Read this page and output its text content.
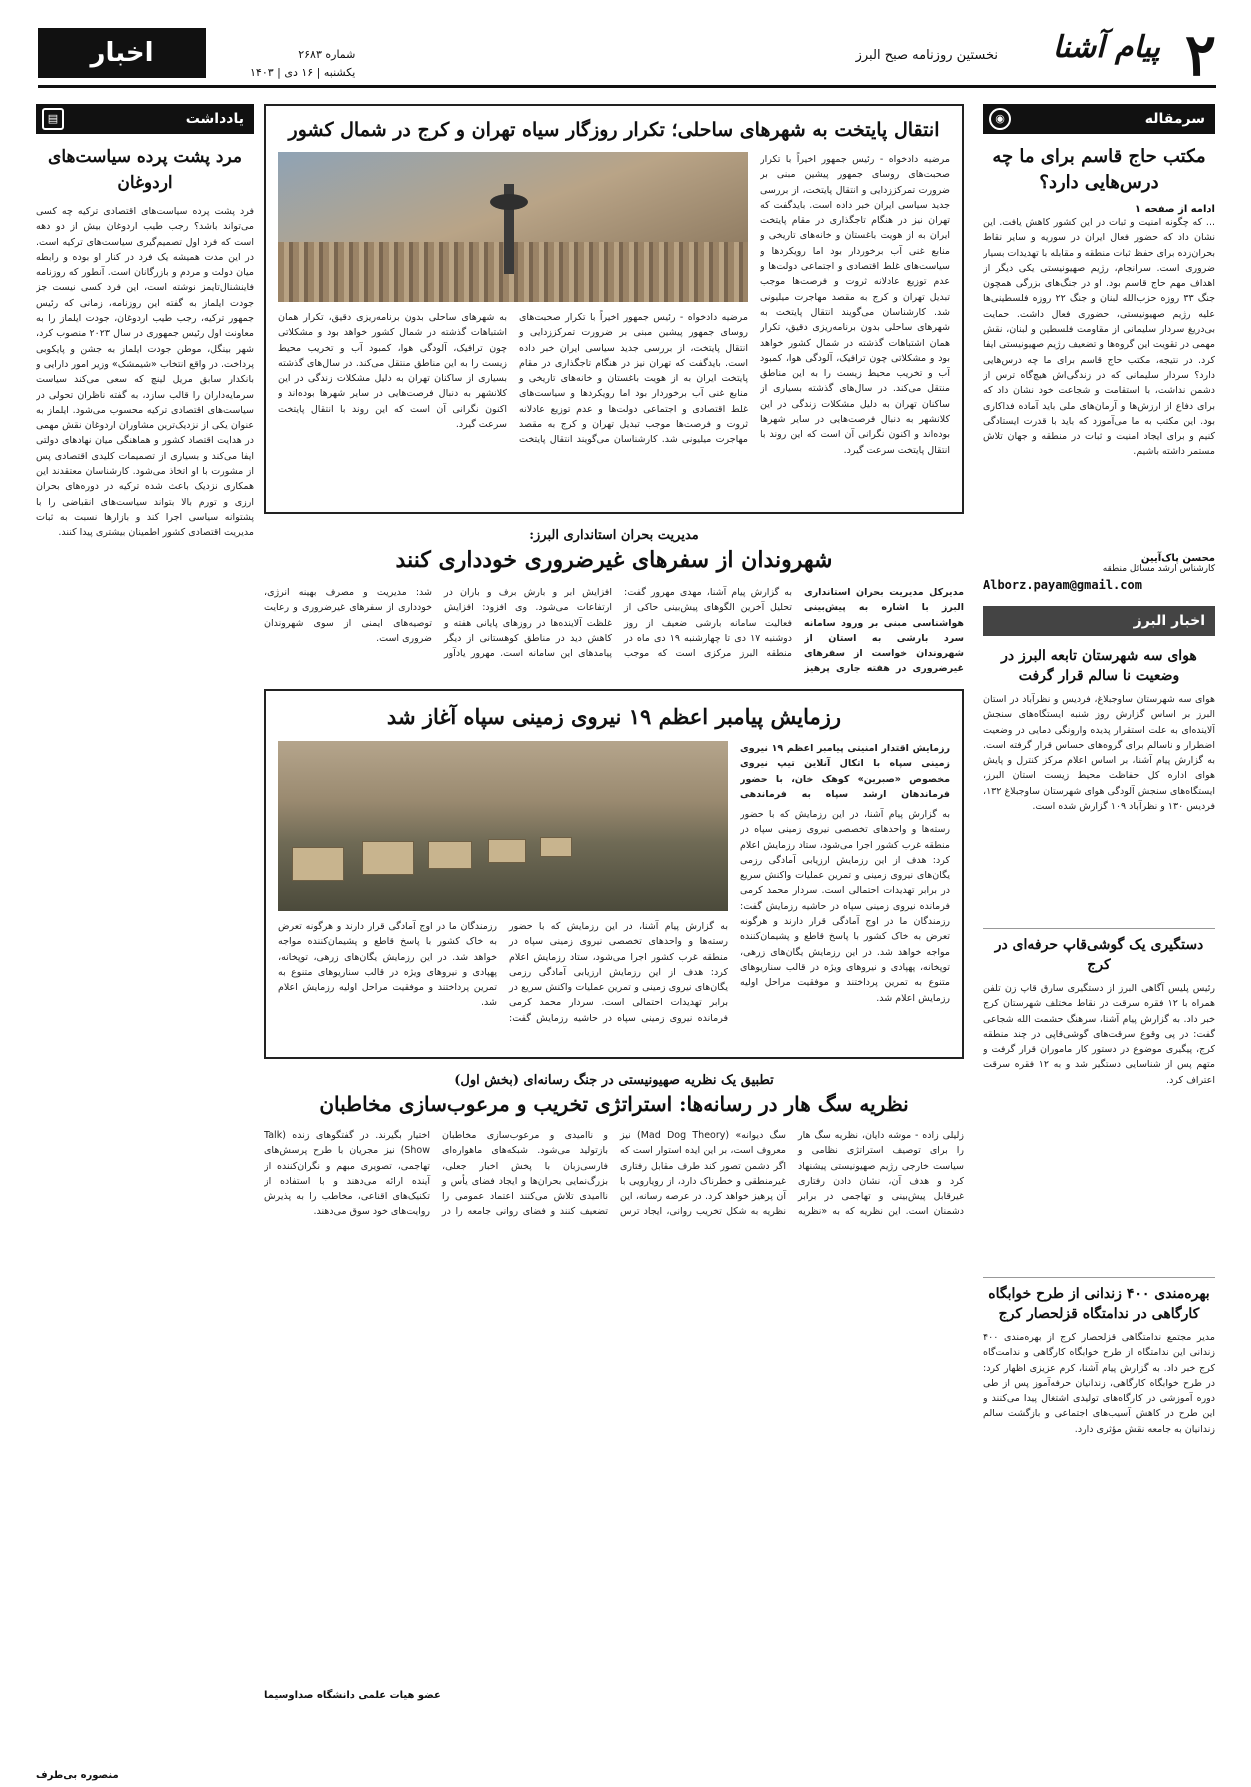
۲
پیام آشنا
نخستین روزنامه صبح البرز
شماره ۲۶۸۳
یکشنبه | ۱۶ دی | ۱۴۰۳
اخبار
سرمقاله
◉
مکتب حاج قاسم برای ما چه درس‌هایی دارد؟
ادامه از صفحه ۱
... که چگونه امنیت و ثبات در این کشور کاهش یافت. این نشان داد که حضور فعال ایران در سوریه و سایر نقاط بحران‌زده برای حفظ ثبات منطقه و مقابله با تهدیدات بسیار ضروری است. سرانجام، رژیم صهیونیستی یکی دیگر از اهداف مهم حاج قاسم بود. او در جنگ‌های بزرگی همچون جنگ ۳۳ روزه حزب‌الله لبنان و جنگ ۲۲ روزه فلسطینی‌ها علیه رژیم صهیونیستی، حضوری فعال داشت. حمایت بی‌دریغ سردار سلیمانی از مقاومت فلسطین و لبنان، نقش مهمی در تقویت این گروه‌ها و تضعیف رژیم صهیونیستی ایفا کرد. در نتیجه، مکتب حاج قاسم برای ما چه درس‌هایی دارد؟ سردار سلیمانی که در زندگی‌اش هیچ‌گاه ترس از دشمن نداشت، با استقامت و شجاعت خود نشان داد که برای دفاع از ارزش‌ها و آرمان‌های ملی باید آماده فداکاری بود. این مکتب به ما می‌آموزد که باید با قدرت ایستادگی کنیم و برای ایجاد امنیت و ثبات در منطقه و جهان تلاش مستمر داشته باشیم.
محسن پاک‌آیین
کارشناس ارشد مسائل منطقه
Alborz.payam@gmail.com
اخبار البرز
هوای سه شهرستان تابعه البرز در وضعیت نا سالم قرار گرفت
هوای سه شهرستان ساوجبلاغ، فردیس و نظرآباد در استان البرز بر اساس گزارش روز شنبه ایستگاه‌های سنجش آلاینده‌ای به علت استقرار پدیده وارونگی دمایی در وضعیت اضطرار و ناسالم برای گروه‌های حساس قرار گرفته است. به گزارش پیام آشنا، بر اساس اعلام مرکز کنترل و پایش هوای اداره کل حفاظت محیط زیست استان البرز، ایستگاه‌های سنجش آلودگی هوای شهرستان ساوجبلاغ ۱۳۲، فردیس ۱۳۰ و نظرآباد ۱۰۹ گزارش شده است.
دستگیری یک گوشی‌قاپ حرفه‌ای در کرج
رئیس پلیس آگاهی البرز از دستگیری سارق قاپ زن تلفن همراه با ۱۲ فقره سرقت در نقاط مختلف شهرستان کرج خبر داد. به گزارش پیام آشنا، سرهنگ حشمت الله شجاعی گفت: در پی وقوع سرقت‌های گوشی‌قاپی در چند منطقه کرج، پیگیری موضوع در دستور کار ماموران قرار گرفت و متهم پس از شناسایی دستگیر شد و به ۱۲ فقره سرقت اعتراف کرد.
بهره‌مندی ۴۰۰ زندانی از طرح خوابگاه کارگاهی در ندامتگاه قزلحصار کرج
مدیر مجتمع ندامتگاهی قزلحصار کرج از بهره‌مندی ۴۰۰ زندانی این ندامتگاه از طرح خوابگاه کارگاهی و ندامت‌گاه کرج خبر داد. به گزارش پیام آشنا، کرم عزیزی اظهار کرد: در طرح خوابگاه کارگاهی، زندانیان حرفه‌آموز پس از طی دوره آموزشی در کارگاه‌های تولیدی اشتغال پیدا می‌کنند و این طرح در کاهش آسیب‌های اجتماعی و بازگشت سالم زندانیان به جامعه نقش مؤثری دارد.
انتقال پایتخت به شهرهای ساحلی؛ تکرار روزگار سیاه تهران و کرج در شمال کشور
مرضیه دادخواه - رئیس جمهور اخیراً با تکرار صحبت‌های روسای جمهور پیشین مبنی بر ضرورت تمرکززدایی و انتقال پایتخت، از بررسی جدید سیاسی ایران خبر داده است. بایدگفت که تهران نیز در هنگام تاجگذاری در مقام پایتخت ایران به از هویت باغستان و خانه‌های تاریخی و منابع غنی آب برخوردار بود اما رویکردها و سیاست‌های غلط اقتصادی و اجتماعی دولت‌ها و عدم توزیع عادلانه ثروت و فرصت‌ها موجب تبدیل تهران و کرج به مقصد مهاجرت میلیونی شد. کارشناسان می‌گویند انتقال پایتخت به شهرهای ساحلی بدون برنامه‌ریزی دقیق، تکرار همان اشتباهات گذشته در شمال کشور خواهد بود و مشکلاتی چون ترافیک، آلودگی هوا، کمبود آب و تخریب محیط زیست را به این مناطق منتقل می‌کند. در سال‌های گذشته بسیاری از ساکنان تهران به دلیل مشکلات زندگی در این کلانشهر به دنبال فرصت‌هایی در سایر شهرها بوده‌اند و اکنون نگرانی آن است که این روند با انتقال پایتخت سرعت گیرد.
مرضیه دادخواه - رئیس جمهور اخیراً با تکرار صحبت‌های روسای جمهور پیشین مبنی بر ضرورت تمرکززدایی و انتقال پایتخت، از بررسی جدید سیاسی ایران خبر داده است. بایدگفت که تهران نیز در هنگام تاجگذاری در مقام پایتخت ایران به از هویت باغستان و خانه‌های تاریخی و منابع غنی آب برخوردار بود اما رویکردها و سیاست‌های غلط اقتصادی و اجتماعی دولت‌ها و عدم توزیع عادلانه ثروت و فرصت‌ها موجب تبدیل تهران و کرج به مقصد مهاجرت میلیونی شد. کارشناسان می‌گویند انتقال پایتخت به شهرهای ساحلی بدون برنامه‌ریزی دقیق، تکرار همان اشتباهات گذشته در شمال کشور خواهد بود و مشکلاتی چون ترافیک، آلودگی هوا، کمبود آب و تخریب محیط زیست را به این مناطق منتقل می‌کند. در سال‌های گذشته بسیاری از ساکنان تهران به دلیل مشکلات زندگی در این کلانشهر به دنبال فرصت‌هایی در سایر شهرها بوده‌اند و اکنون نگرانی آن است که این روند با انتقال پایتخت سرعت گیرد.
مدیریت بحران استانداری البرز:
شهروندان از سفرهای غیرضروری خودداری کنند
مدیرکل مدیریت بحران استانداری البرز با اشاره به پیش‌بینی هواشناسی مبنی بر ورود سامانه سرد بارشی به استان از شهروندان خواست از سفرهای غیرضروری در هفته جاری پرهیز
به گزارش پیام آشنا، مهدی مهرور گفت: تحلیل آخرین الگوهای پیش‌بینی حاکی از فعالیت سامانه بارشی ضعیف از روز دوشنبه ۱۷ دی تا چهارشنبه ۱۹ دی ماه در منطقه البرز مرکزی است که موجب افزایش ابر و بارش برف و باران در ارتفاعات می‌شود. وی افزود: افزایش غلظت آلاینده‌ها در روزهای پایانی هفته و کاهش دید در مناطق کوهستانی از دیگر پیامدهای این سامانه است. مهرور یادآور شد: مدیریت و مصرف بهینه انرژی، خودداری از سفرهای غیرضروری و رعایت توصیه‌های ایمنی از سوی شهروندان ضروری است.
رزمایش پیامبر اعظم ۱۹ نیروی زمینی سپاه آغاز شد
رزمایش اقتدار امنیتی پیامبر اعظم ۱۹ نیروی زمینی سپاه با اتکال آنلاین تیپ نیروی مخصوص «صبرین» کوهک خان، با حضور فرماندهان ارشد سپاه به فرماندهی
به گزارش پیام آشنا، در این رزمایش که با حضور رسته‌ها و واحدهای تخصصی نیروی زمینی سپاه در منطقه غرب کشور اجرا می‌شود، ستاد رزمایش اعلام کرد: هدف از این رزمایش ارزیابی آمادگی رزمی یگان‌های نیروی زمینی و تمرین عملیات واکنش سریع در برابر تهدیدات احتمالی است. سردار محمد کرمی فرمانده نیروی زمینی سپاه در حاشیه رزمایش گفت: رزمندگان ما در اوج آمادگی قرار دارند و هرگونه تعرض به خاک کشور با پاسخ قاطع و پشیمان‌کننده مواجه خواهد شد. در این رزمایش یگان‌های زرهی، توپخانه، پهپادی و نیروهای ویژه در قالب سناریوهای متنوع به تمرین پرداختند و موفقیت مراحل اولیه رزمایش اعلام شد.
به گزارش پیام آشنا، در این رزمایش که با حضور رسته‌ها و واحدهای تخصصی نیروی زمینی سپاه در منطقه غرب کشور اجرا می‌شود، ستاد رزمایش اعلام کرد: هدف از این رزمایش ارزیابی آمادگی رزمی یگان‌های نیروی زمینی و تمرین عملیات واکنش سریع در برابر تهدیدات احتمالی است. سردار محمد کرمی فرمانده نیروی زمینی سپاه در حاشیه رزمایش گفت: رزمندگان ما در اوج آمادگی قرار دارند و هرگونه تعرض به خاک کشور با پاسخ قاطع و پشیمان‌کننده مواجه خواهد شد. در این رزمایش یگان‌های زرهی، توپخانه، پهپادی و نیروهای ویژه در قالب سناریوهای متنوع به تمرین پرداختند و موفقیت مراحل اولیه رزمایش اعلام شد.
تطبیق یک نظریه صهیونیستی در جنگ رسانه‌ای (بخش اول)
نظریه سگ هار در رسانه‌ها: استراتژی تخریب و مرعوب‌سازی مخاطبان
زلیلی زاده - موشه دایان، نظریه سگ هار را برای توصیف استراتژی نظامی و سیاست خارجی رژیم صهیونیستی پیشنهاد کرد و هدف آن، نشان دادن رفتاری غیرقابل پیش‌بینی و تهاجمی در برابر دشمنان است. این نظریه که به «نظریه سگ دیوانه» (Mad Dog Theory) نیز معروف است، بر این ایده استوار است که اگر دشمن تصور کند طرف مقابل رفتاری غیرمنطقی و خطرناک دارد، از رویارویی با آن پرهیز خواهد کرد. در عرصه رسانه، این نظریه به شکل تخریب روانی، ایجاد ترس و ناامیدی و مرعوب‌سازی مخاطبان بازتولید می‌شود. شبکه‌های ماهواره‌ای فارسی‌زبان با پخش اخبار جعلی، بزرگ‌نمایی بحران‌ها و ایجاد فضای یأس و ناامیدی تلاش می‌کنند اعتماد عمومی را تضعیف کنند و فضای روانی جامعه را در اختیار بگیرند. در گفتگوهای زنده (Talk Show) نیز مجریان با طرح پرسش‌های تهاجمی، تصویری مبهم و نگران‌کننده از آینده ارائه می‌دهند و با استفاده از تکنیک‌های اقناعی، مخاطب را به پذیرش روایت‌های خود سوق می‌دهند.
عضو هیات علمی دانشگاه صداوسیما
یادداشت
▤
مرد پشت پرده سیاست‌های اردوغان
فرد پشت پرده سیاست‌های اقتصادی ترکیه چه کسی می‌تواند باشد؟ رجب طیب اردوغان بیش از دو دهه است که فرد اول تصمیم‌گیری سیاست‌های ترکیه است. در این مدت همیشه یک فرد در کنار او بوده و رابطه میان دولت و مردم و بازرگانان است. آنطور که روزنامه فاینشنال‌تایمز نوشته است، این فرد کسی نیست جز جودت ایلماز به گفته این روزنامه، زمانی که رئیس جمهور ترکیه، رجب طیب اردوغان، جودت ایلماز را به معاونت اول رئیس جمهوری در سال ۲۰۲۳ منصوب کرد، شهر بینگل، موطن جودت ایلماز به جشن و پایکوبی پرداخت. در واقع انتخاب «شیمشک» وزیر امور دارایی و بانکدار سابق مریل لینچ که سعی می‌کند سیاست سرمایه‌داران را قالب سازد، به گفته ناظران تحولی در سیاست‌های اقتصادی ترکیه محسوب می‌شود. ایلماز به عنوان یکی از نزدیک‌ترین مشاوران اردوغان نقش مهمی در هدایت اقتصاد کشور و هماهنگی میان نهادهای دولتی ایفا می‌کند و بسیاری از تصمیمات کلیدی اقتصادی پس از مشورت با او اتخاذ می‌شود. کارشناسان معتقدند این همکاری نزدیک باعث شده ترکیه در دوره‌های بحران ارزی و تورم بالا بتواند سیاست‌های انقباضی را با پشتوانه سیاسی اجرا کند و بازارها نسبت به ثبات مدیریت اقتصادی کشور اطمینان بیشتری پیدا کنند.
منصوره بی‌طرف
